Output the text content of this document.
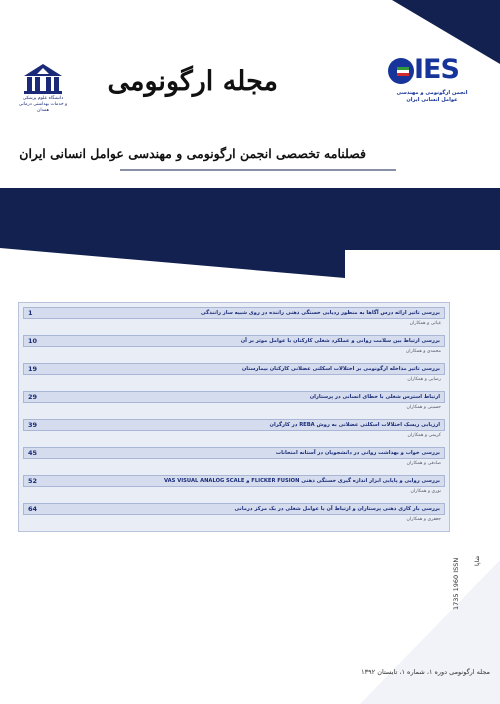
دانشگاه علوم پزشکی
و خدمات بهداشتی درمانی همدان
مجله ارگونومی
فصلنامه تخصصی انجمن ارگونومی و مهندسی عوامل انسانی ایران
IES
انجمن ارگونومی و مهندسی
عوامل انسانی ایران
بررسی تاثیر ارائه درس آگاها به منظور ردیابی خستگی ذهنی راننده در روی شبیه ساز رانندگی
1
غیاثی و همکاران
بررسی ارتباط بین سلامت روانی و عملکرد شغلی کارکنان با عوامل موثر بر آن
10
محمدی و همکاران
بررسی تاثیر مداخله ارگونومی بر اختلالات اسکلتی عضلانی کارکنان بیمارستان
19
رضایی و همکاران
ارتباط استرس شغلی با خطای انسانی در پرستاران
29
حسینی و همکاران
ارزیابی ریسک اختلالات اسکلتی عضلانی به روش REBA در کارگران
39
کریمی و همکاران
بررسی خواب و بهداشت روانی در دانشجویان در آستانه امتحانات
45
صادقی و همکاران
بررسی روایی و پایایی ابزار اندازه گیری خستگی ذهنی FLICKER FUSION و VAS VISUAL ANALOG SCALE
52
نوری و همکاران
بررسی بار کاری ذهنی پرستاران و ارتباط آن با عوامل شغلی در یک مرکز درمانی
64
جعفری و همکاران
شاپا
1735 1960 ISSN
مجله ارگونومی دوره ۱، شماره ۱، تابستان ۱۳۹۲
